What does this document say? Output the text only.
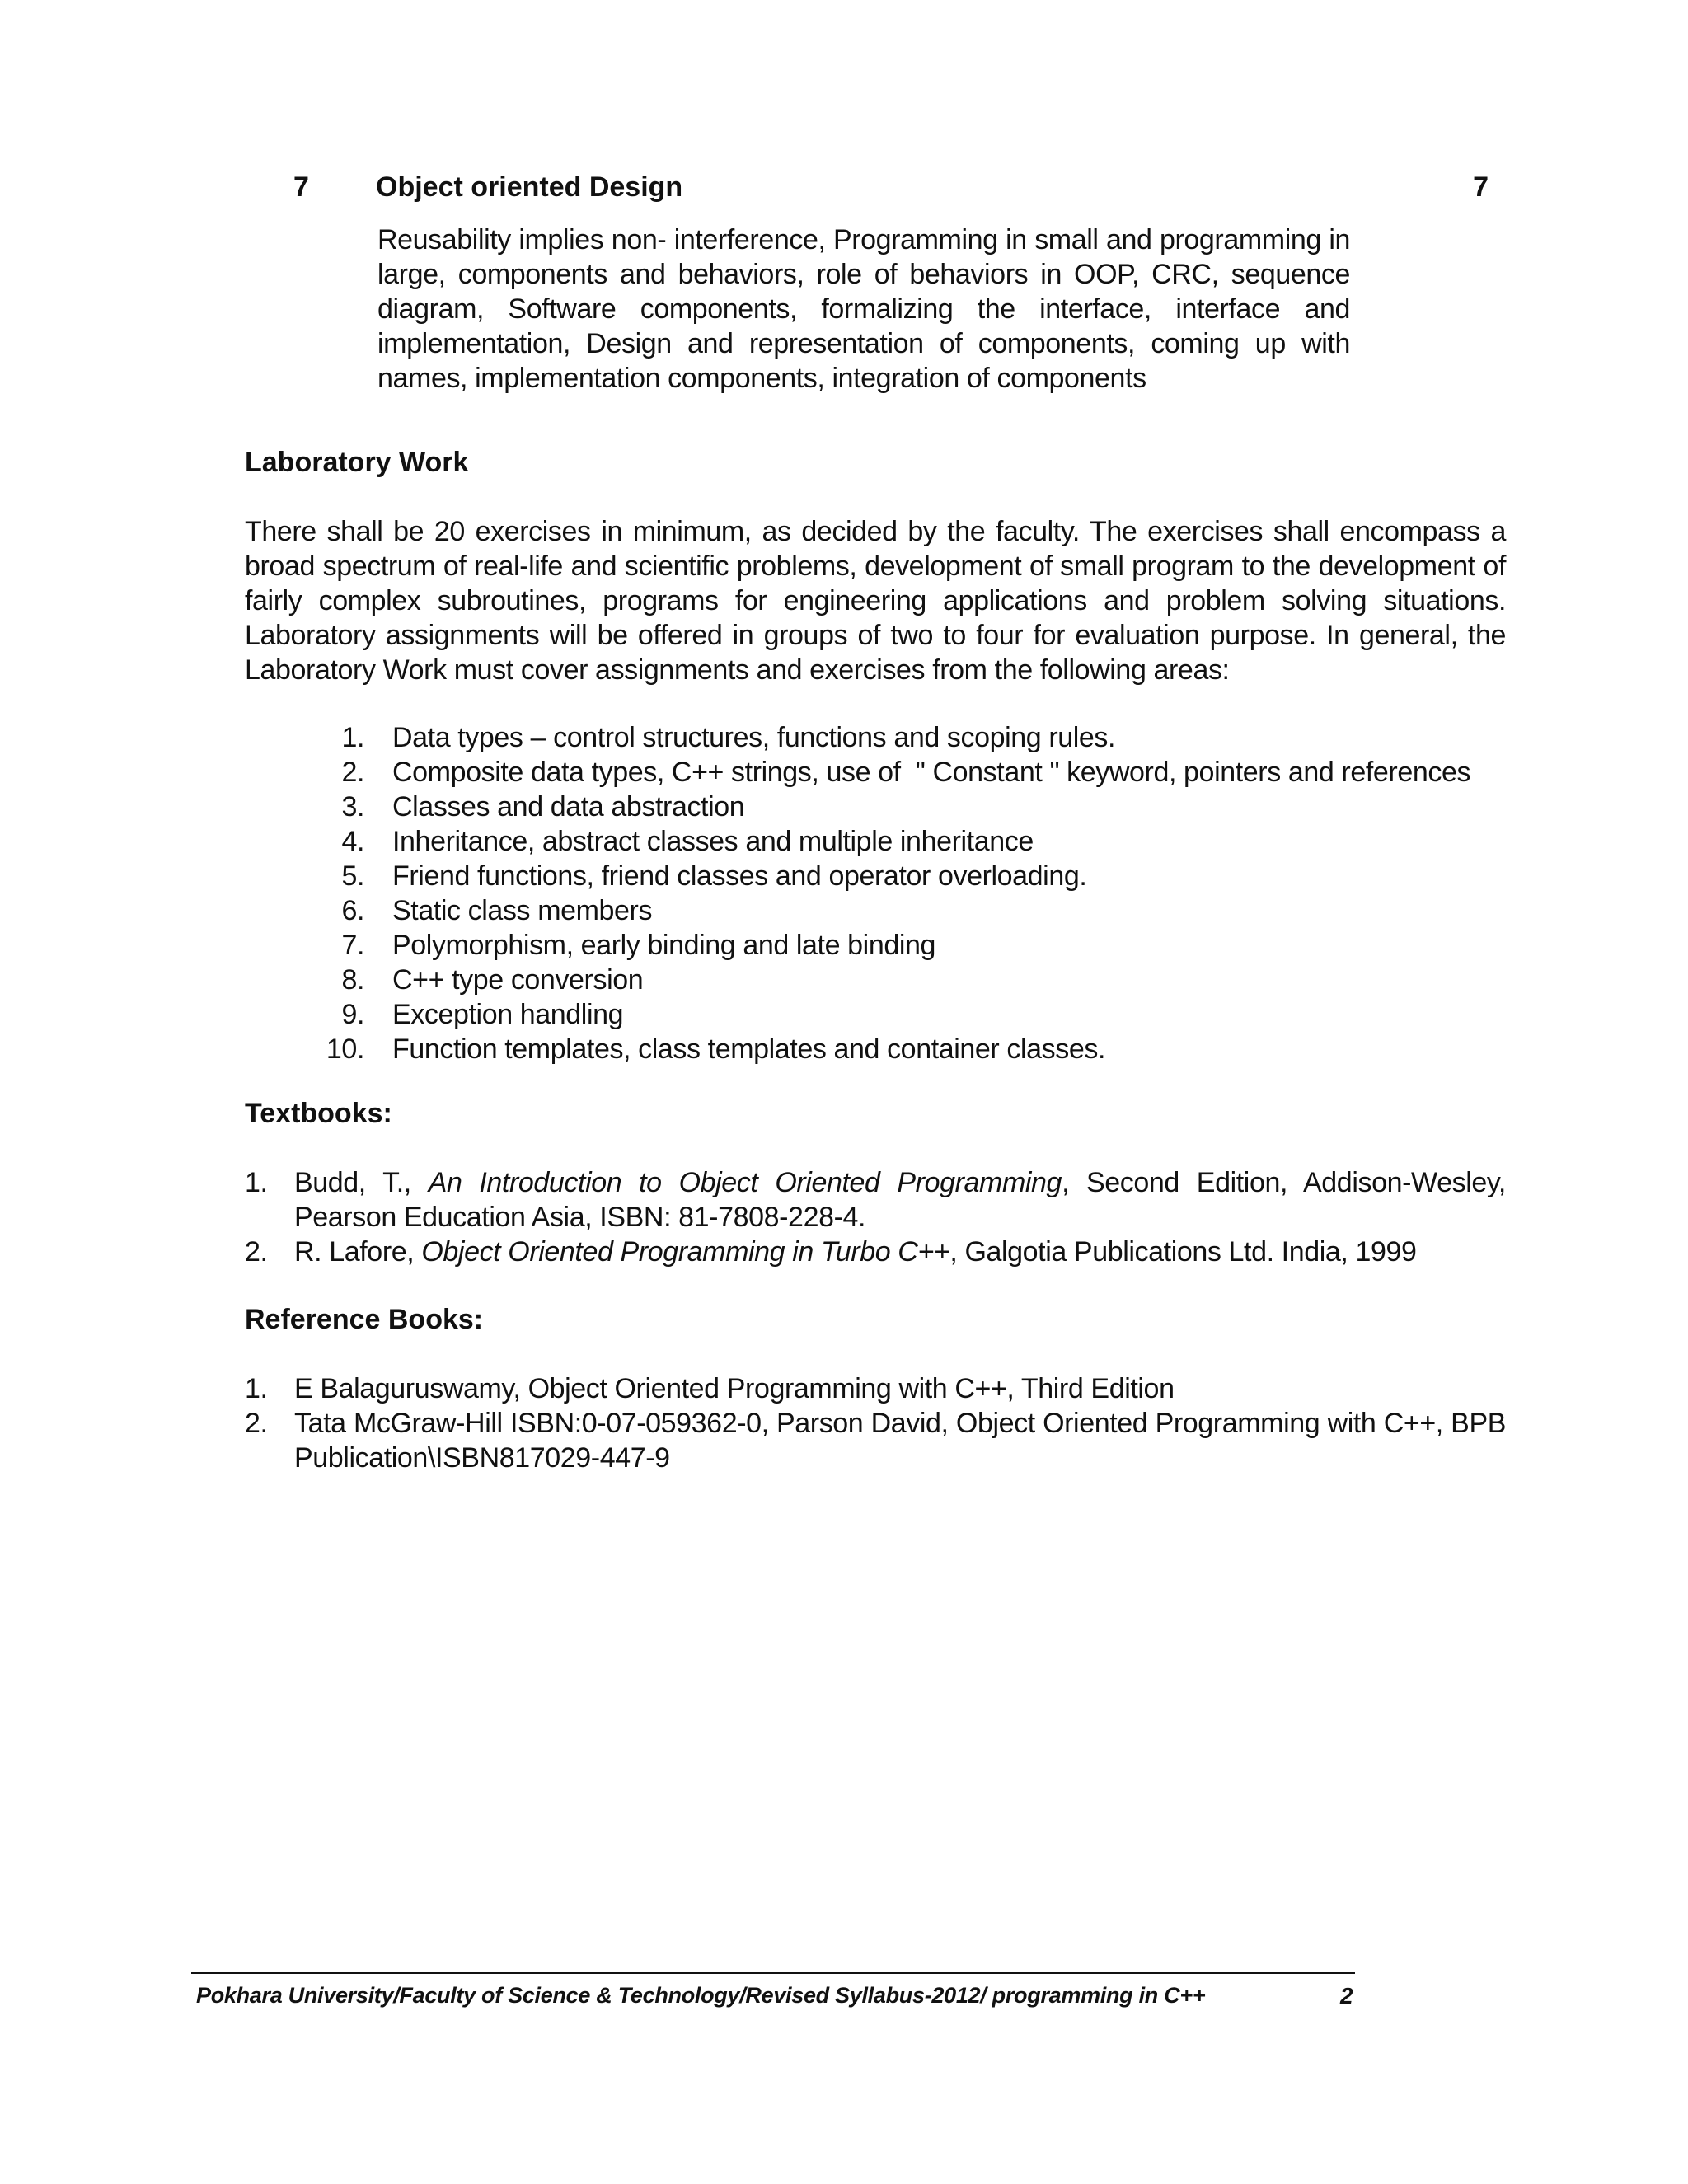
7 Object oriented Design	7
Reusability implies non- interference, Programming in small and programming in large, components and behaviors, role of behaviors in OOP, CRC, sequence diagram, Software components, formalizing the interface, interface and implementation, Design and representation of components, coming up with names, implementation components, integration of components
Laboratory Work
There shall be 20 exercises in minimum, as decided by the faculty. The exercises shall encompass a broad spectrum of real-life and scientific problems, development of small program to the development of fairly complex subroutines, programs for engineering applications and problem solving situations. Laboratory assignments will be offered in groups of two to four for evaluation purpose. In general, the Laboratory Work must cover assignments and exercises from the following areas:
1. Data types – control structures, functions and scoping rules.
2. Composite data types, C++ strings, use of  " Constant " keyword, pointers and references
3. Classes and data abstraction
4. Inheritance, abstract classes and multiple inheritance
5. Friend functions, friend classes and operator overloading.
6. Static class members
7. Polymorphism, early binding and late binding
8. C++ type conversion
9. Exception handling
10. Function templates, class templates and container classes.
Textbooks:
1. Budd, T., An Introduction to Object Oriented Programming, Second Edition, Addison-Wesley, Pearson Education Asia, ISBN: 81-7808-228-4.
2. R. Lafore, Object Oriented Programming in Turbo C++, Galgotia Publications Ltd. India, 1999
Reference Books:
1. E Balaguruswamy, Object Oriented Programming with C++, Third Edition
2. Tata McGraw-Hill ISBN:0-07-059362-0, Parson David, Object Oriented Programming with C++, BPB Publication\ISBN817029-447-9
Pokhara University/Faculty of Science & Technology/Revised Syllabus-2012/ programming in C++	2
